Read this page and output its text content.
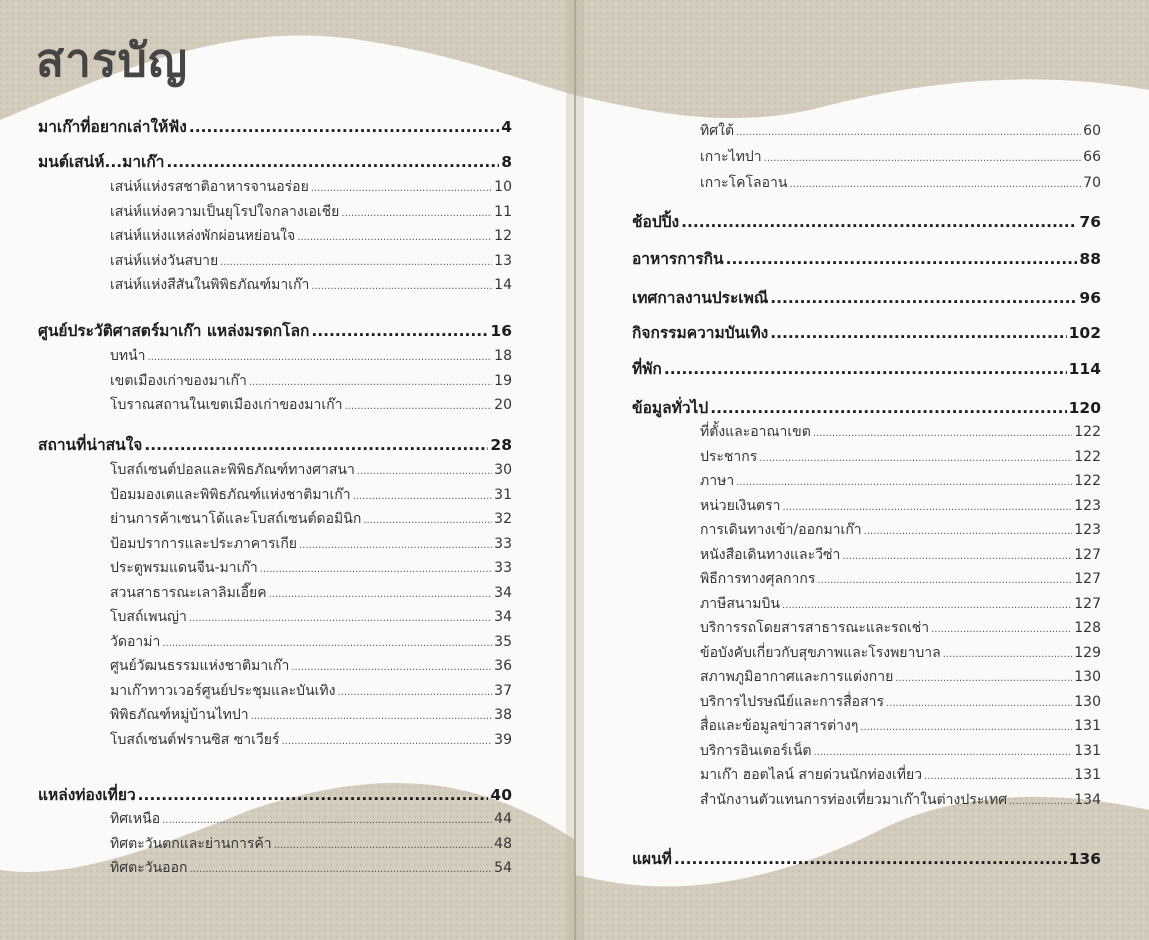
สารบัญ
มาเก๊าที่อยากเล่าให้ฟัง .....	4
มนต์เสน่ห์...มาเก๊า .....	8
เสน่ห์แห่งรสชาติอาหารจานอร่อย .....	10
เสน่ห์แห่งความเป็นยุโรปใจกลางเอเชีย .....	11
เสน่ห์แห่งแหล่งพักผ่อนหย่อนใจ .....	12
เสน่ห์แห่งวันสบาย .....	13
เสน่ห์แห่งสีสันในพิพิธภัณฑ์มาเก๊า .....	14
ศูนย์ประวัติศาสตร์มาเก๊า แหล่งมรดกโลก .....	16
บทนำ .....	18
เขตเมืองเก่าของมาเก๊า .....	19
โบราณสถานในเขตเมืองเก่าของมาเก๊า .....	20
สถานที่น่าสนใจ .....	28
โบสถ์เซนต์ปอลและพิพิธภัณฑ์ทางศาสนา .....	30
ป้อมมองเตและพิพิธภัณฑ์แห่งชาติมาเก๊า .....	31
ย่านการค้าเซนาโด้และโบสถ์เซนต์ดอมินิก .....	32
ป้อมปราการและประภาคารเกีย .....	33
ประตูพรมแดนจีน-มาเก๊า .....	33
สวนสาธารณะเลาลิมเอี๊ยค .....	34
โบสถ์เพนญ่า .....	34
วัดอาม่า .....	35
ศูนย์วัฒนธรรมแห่งชาติมาเก๊า .....	36
มาเก๊าทาวเวอร์ศูนย์ประชุมและบันเทิง .....	37
พิพิธภัณฑ์หมู่บ้านไทปา .....	38
โบสถ์เซนต์ฟรานซิส ซาเวียร์ .....	39
แหล่งท่องเที่ยว .....	40
ทิศเหนือ .....	44
ทิศตะวันตกและย่านการค้า .....	48
ทิศตะวันออก .....	54
ทิศใต้ .....	60
เกาะไทปา .....	66
เกาะโคโลอาน .....	70
ช้อปปิ้ง .....	76
อาหารการกิน .....	88
เทศกาลงานประเพณี .....	96
กิจกรรมความบันเทิง .....	102
ที่พัก .....	114
ข้อมูลทั่วไป .....	120
ที่ตั้งและอาณาเขต .....	122
ประชากร .....	122
ภาษา .....	122
หน่วยเงินตรา .....	123
การเดินทางเข้า/ออกมาเก๊า .....	123
หนังสือเดินทางและวีซ่า .....	127
พิธีการทางศุลกากร .....	127
ภาษีสนามบิน .....	127
บริการรถโดยสารสาธารณะและรถเช่า .....	128
ข้อบังคับเกี่ยวกับสุขภาพและโรงพยาบาล .....	129
สภาพภูมิอากาศและการแต่งกาย .....	130
บริการไปรษณีย์และการสื่อสาร .....	130
สื่อและข้อมูลข่าวสารต่างๆ .....	131
บริการอินเตอร์เน็ต .....	131
มาเก๊า ฮอตไลน์ สายด่วนนักท่องเที่ยว .....	131
สำนักงานตัวแทนการท่องเที่ยวมาเก๊าในต่างประเทศ .....	134
แผนที่ .....	136
